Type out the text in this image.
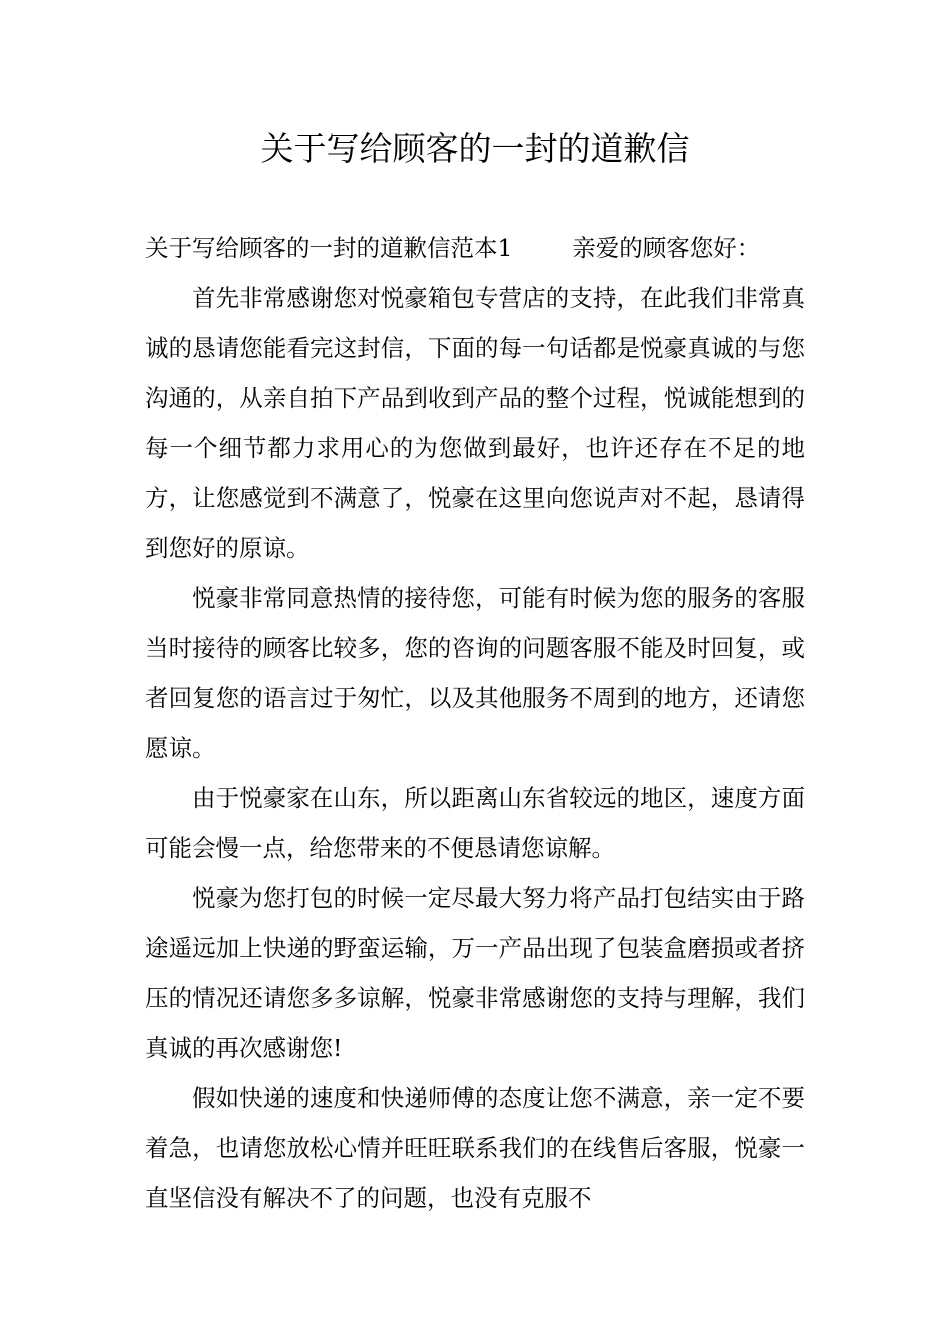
关于写给顾客的一封的道歉信

关于写给顾客的一封的道歉信范本1        亲爱的顾客您好：

首先非常感谢您对悦豪箱包专营店的支持，在此我们非常真诚的恳请您能看完这封信，下面的每一句话都是悦豪真诚的与您沟通的，从亲自拍下产品到收到产品的整个过程，悦诚能想到的每一个细节都力求用心的为您做到最好，也许还存在不足的地方，让您感觉到不满意了，悦豪在这里向您说声对不起，恳请得到您好的原谅。

悦豪非常同意热情的接待您，可能有时候为您的服务的客服当时接待的顾客比较多，您的咨询的问题客服不能及时回复，或者回复您的语言过于匆忙，以及其他服务不周到的地方，还请您愿谅。

由于悦豪家在山东，所以距离山东省较远的地区，速度方面可能会慢一点，给您带来的不便恳请您谅解。

悦豪为您打包的时候一定尽最大努力将产品打包结实由于路途遥远加上快递的野蛮运输，万一产品出现了包装盒磨损或者挤压的情况还请您多多谅解，悦豪非常感谢您的支持与理解，我们真诚的再次感谢您!

假如快递的速度和快递师傅的态度让您不满意，亲一定不要着急，也请您放松心情并旺旺联系我们的在线售后客服，悦豪一直坚信没有解决不了的问题，也没有克服不
